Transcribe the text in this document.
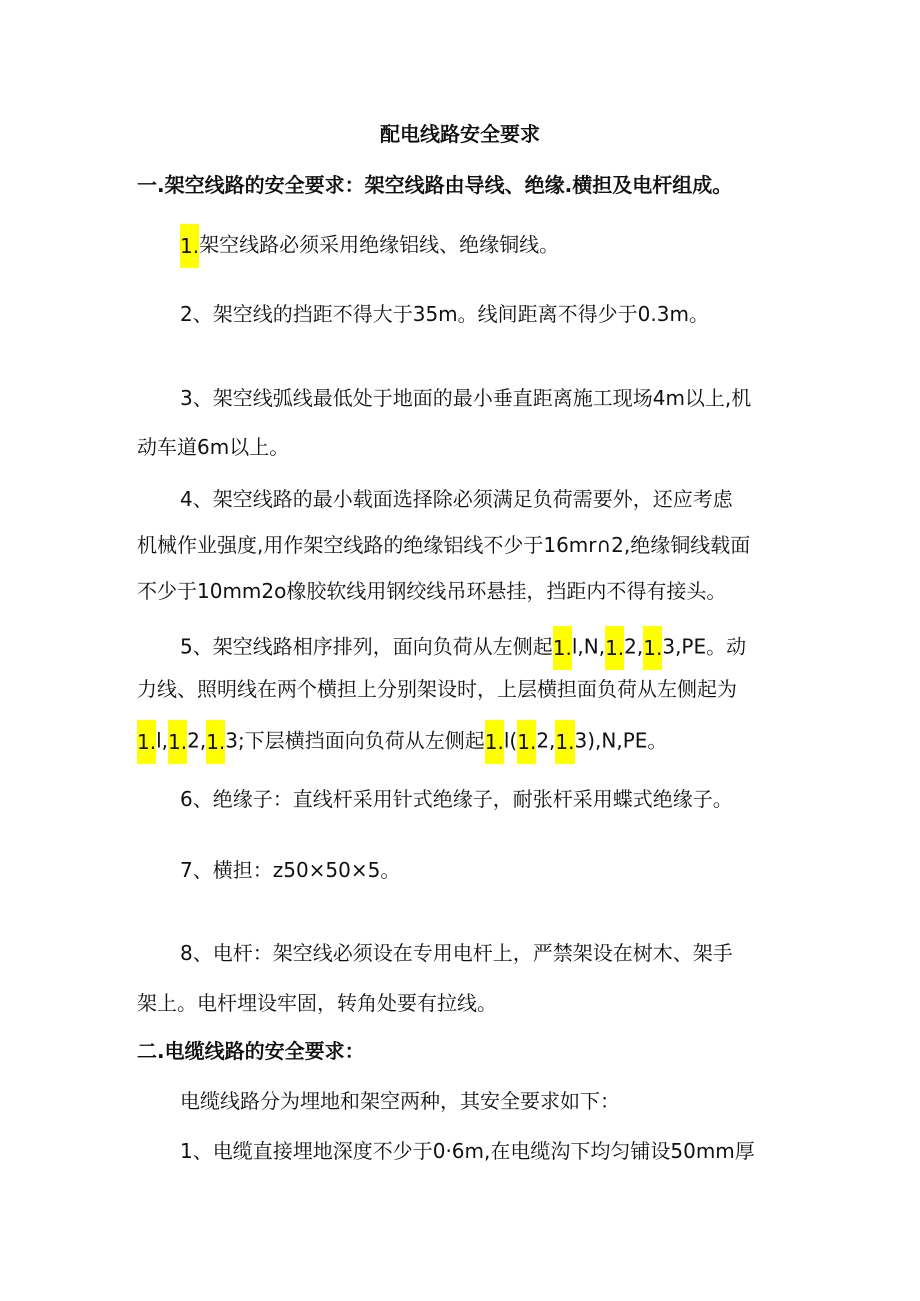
配电线路安全要求
一.架空线路的安全要求：架空线路由导线、绝缘.横担及电杆组成。
1.架空线路必须采用绝缘铝线、绝缘铜线。
2、架空线的挡距不得大于35m。线间距离不得少于0.3m。
3、架空线弧线最低处于地面的最小垂直距离施工现场4m以上,机
动车道6m以上。
4、架空线路的最小载面选择除必须满足负荷需要外，还应考虑
机械作业强度,用作架空线路的绝缘铝线不少于16mr∩2,绝缘铜线载面
不少于10mm2o橡胶软线用钢绞线吊环悬挂，挡距内不得有接头。
5、架空线路相序排列，面向负荷从左侧起1.l,N,1.2,1.3,PE。动
力线、照明线在两个横担上分别架设时，上层横担面负荷从左侧起为
1.l,1.2,1.3;下层横挡面向负荷从左侧起1.l(1.2,1.3),N,PE。
6、绝缘子：直线杆采用针式绝缘子，耐张杆采用蝶式绝缘子。
7、横担：z50×50×5。
8、电杆：架空线必须设在专用电杆上，严禁架设在树木、架手
架上。电杆埋设牢固，转角处要有拉线。
二.电缆线路的安全要求：
电缆线路分为埋地和架空两种，其安全要求如下：
1、电缆直接埋地深度不少于0·6m,在电缆沟下均匀铺设50mm厚
